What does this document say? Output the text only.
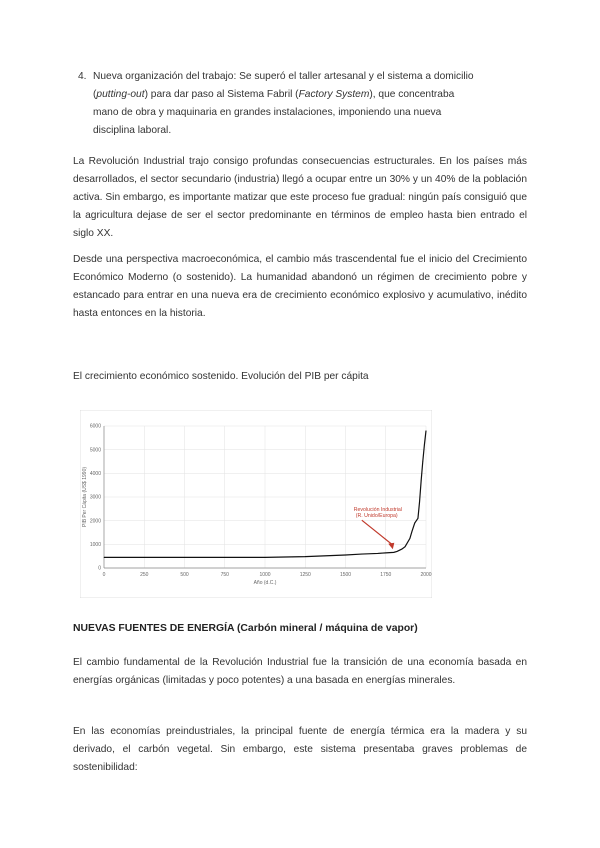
4. Nueva organización del trabajo: Se superó el taller artesanal y el sistema a domicilio
(putting-out) para dar paso al Sistema Fabril (Factory System), que concentraba
mano de obra y maquinaria en grandes instalaciones, imponiendo una nueva
disciplina laboral.

La Revolución Industrial trajo consigo profundas consecuencias estructurales. En los países más desarrollados, el sector secundario (industria) llegó a ocupar entre un 30% y un 40% de la población activa. Sin embargo, es importante matizar que este proceso fue gradual: ningún país consiguió que la agricultura dejase de ser el sector predominante en términos de empleo hasta bien entrado el siglo XX.

Desde una perspectiva macroeconómica, el cambio más trascendental fue el inicio del Crecimiento Económico Moderno (o sostenido). La humanidad abandonó un régimen de crecimiento pobre y estancado para entrar en una nueva era de crecimiento económico explosivo y acumulativo, inédito hasta entonces en la historia.

El crecimiento económico sostenido. Evolución del PIB per cápita

0	250	500	750	1000	1250	1500	1750	2000
0
1000
2000
3000
4000
5000
6000
Año (d.C.)
PIB Per Cápita (US$ 1990)	Revolución Industrial
(R. Unido/Europa)

NUEVAS FUENTES DE ENERGÍA (Carbón mineral / máquina de vapor)

El cambio fundamental de la Revolución Industrial fue la transición de una economía basada en energías orgánicas (limitadas y poco potentes) a una basada en energías minerales.

En las economías preindustriales, la principal fuente de energía térmica era la madera y su derivado, el carbón vegetal. Sin embargo, este sistema presentaba graves problemas de sostenibilidad:
